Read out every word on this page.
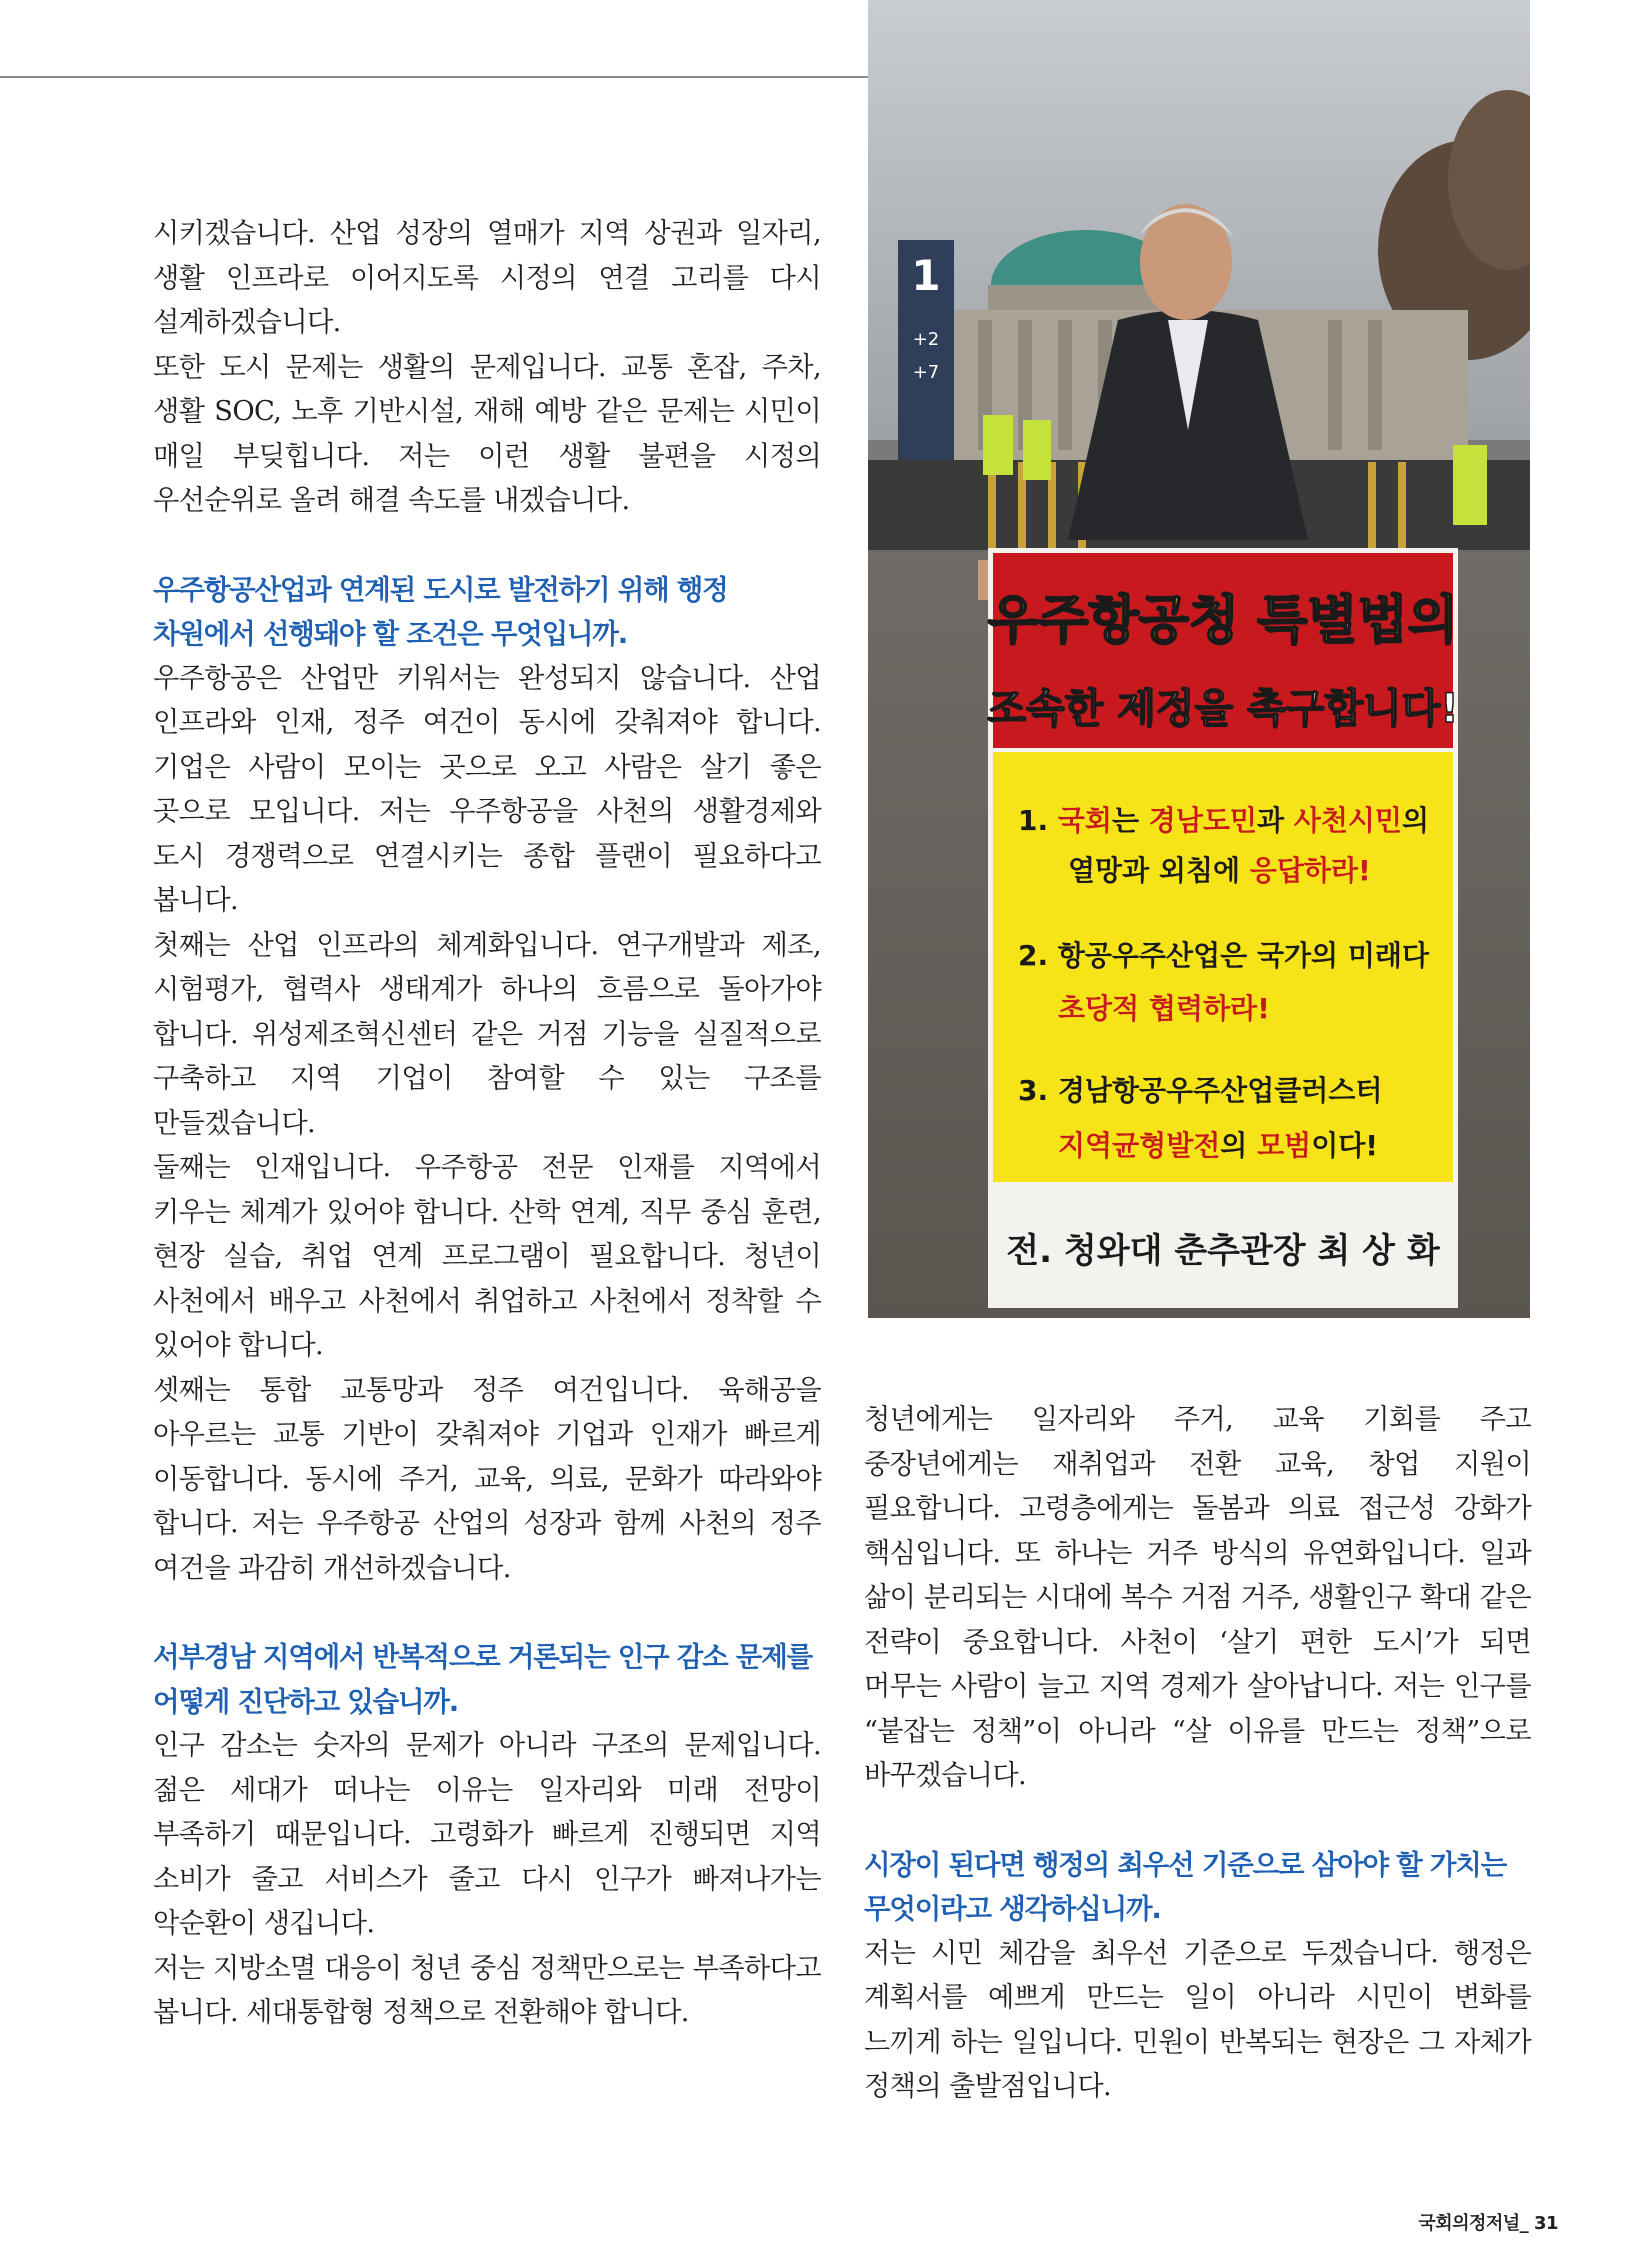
시키겠습니다. 산업 성장의 열매가 지역 상권과 일자리, 생활 인프라로 이어지도록 시정의 연결 고리를 다시 설계하겠습니다.

또한 도시 문제는 생활의 문제입니다. 교통 혼잡, 주차, 생활 SOC, 노후 기반시설, 재해 예방 같은 문제는 시민이 매일 부딪힙니다. 저는 이런 생활 불편을 시정의 우선순위로 올려 해결 속도를 내겠습니다.

우주항공산업과 연계된 도시로 발전하기 위해 행정 차원에서 선행돼야 할 조건은 무엇입니까.

우주항공은 산업만 키워서는 완성되지 않습니다. 산업 인프라와 인재, 정주 여건이 동시에 갖춰져야 합니다. 기업은 사람이 모이는 곳으로 오고 사람은 살기 좋은 곳으로 모입니다. 저는 우주항공을 사천의 생활경제와 도시 경쟁력으로 연결시키는 종합 플랜이 필요하다고 봅니다.

첫째는 산업 인프라의 체계화입니다. 연구개발과 제조, 시험평가, 협력사 생태계가 하나의 흐름으로 돌아가야 합니다. 위성제조혁신센터 같은 거점 기능을 실질적으로 구축하고 지역 기업이 참여할 수 있는 구조를 만들겠습니다.

둘째는 인재입니다. 우주항공 전문 인재를 지역에서 키우는 체계가 있어야 합니다. 산학 연계, 직무 중심 훈련, 현장 실습, 취업 연계 프로그램이 필요합니다. 청년이 사천에서 배우고 사천에서 취업하고 사천에서 정착할 수 있어야 합니다.

셋째는 통합 교통망과 정주 여건입니다. 육해공을 아우르는 교통 기반이 갖춰져야 기업과 인재가 빠르게 이동합니다. 동시에 주거, 교육, 의료, 문화가 따라와야 합니다. 저는 우주항공 산업의 성장과 함께 사천의 정주 여건을 과감히 개선하겠습니다.

서부경남 지역에서 반복적으로 거론되는 인구 감소 문제를 어떻게 진단하고 있습니까.

인구 감소는 숫자의 문제가 아니라 구조의 문제입니다. 젊은 세대가 떠나는 이유는 일자리와 미래 전망이 부족하기 때문입니다. 고령화가 빠르게 진행되면 지역 소비가 줄고 서비스가 줄고 다시 인구가 빠져나가는 악순환이 생깁니다.

저는 지방소멸 대응이 청년 중심 정책만으로는 부족하다고 봅니다. 세대통합형 정책으로 전환해야 합니다.

청년에게는 일자리와 주거, 교육 기회를 주고 중장년에게는 재취업과 전환 교육, 창업 지원이 필요합니다. 고령층에게는 돌봄과 의료 접근성 강화가 핵심입니다. 또 하나는 거주 방식의 유연화입니다. 일과 삶이 분리되는 시대에 복수 거점 거주, 생활인구 확대 같은 전략이 중요합니다. 사천이 ‘살기 편한 도시’가 되면 머무는 사람이 늘고 지역 경제가 살아납니다. 저는 인구를 “붙잡는 정책”이 아니라 “살 이유를 만드는 정책”으로 바꾸겠습니다.

시장이 된다면 행정의 최우선 기준으로 삼아야 할 가치는 무엇이라고 생각하십니까.

저는 시민 체감을 최우선 기준으로 두겠습니다. 행정은 계획서를 예쁘게 만드는 일이 아니라 시민이 변화를 느끼게 하는 일입니다. 민원이 반복되는 현장은 그 자체가 정책의 출발점입니다.

1
+2
+7
우주항공청 특별법의
조속한 제정을 촉구합니다!
1. 국회는 경남도민과 사천시민의
열망과 외침에 응답하라!
2. 항공우주산업은 국가의 미래다
초당적 협력하라!
3. 경남항공우주산업클러스터
지역균형발전의 모범이다!
전. 청와대 춘추관장 최 상 화
국회의정저널_ 31
